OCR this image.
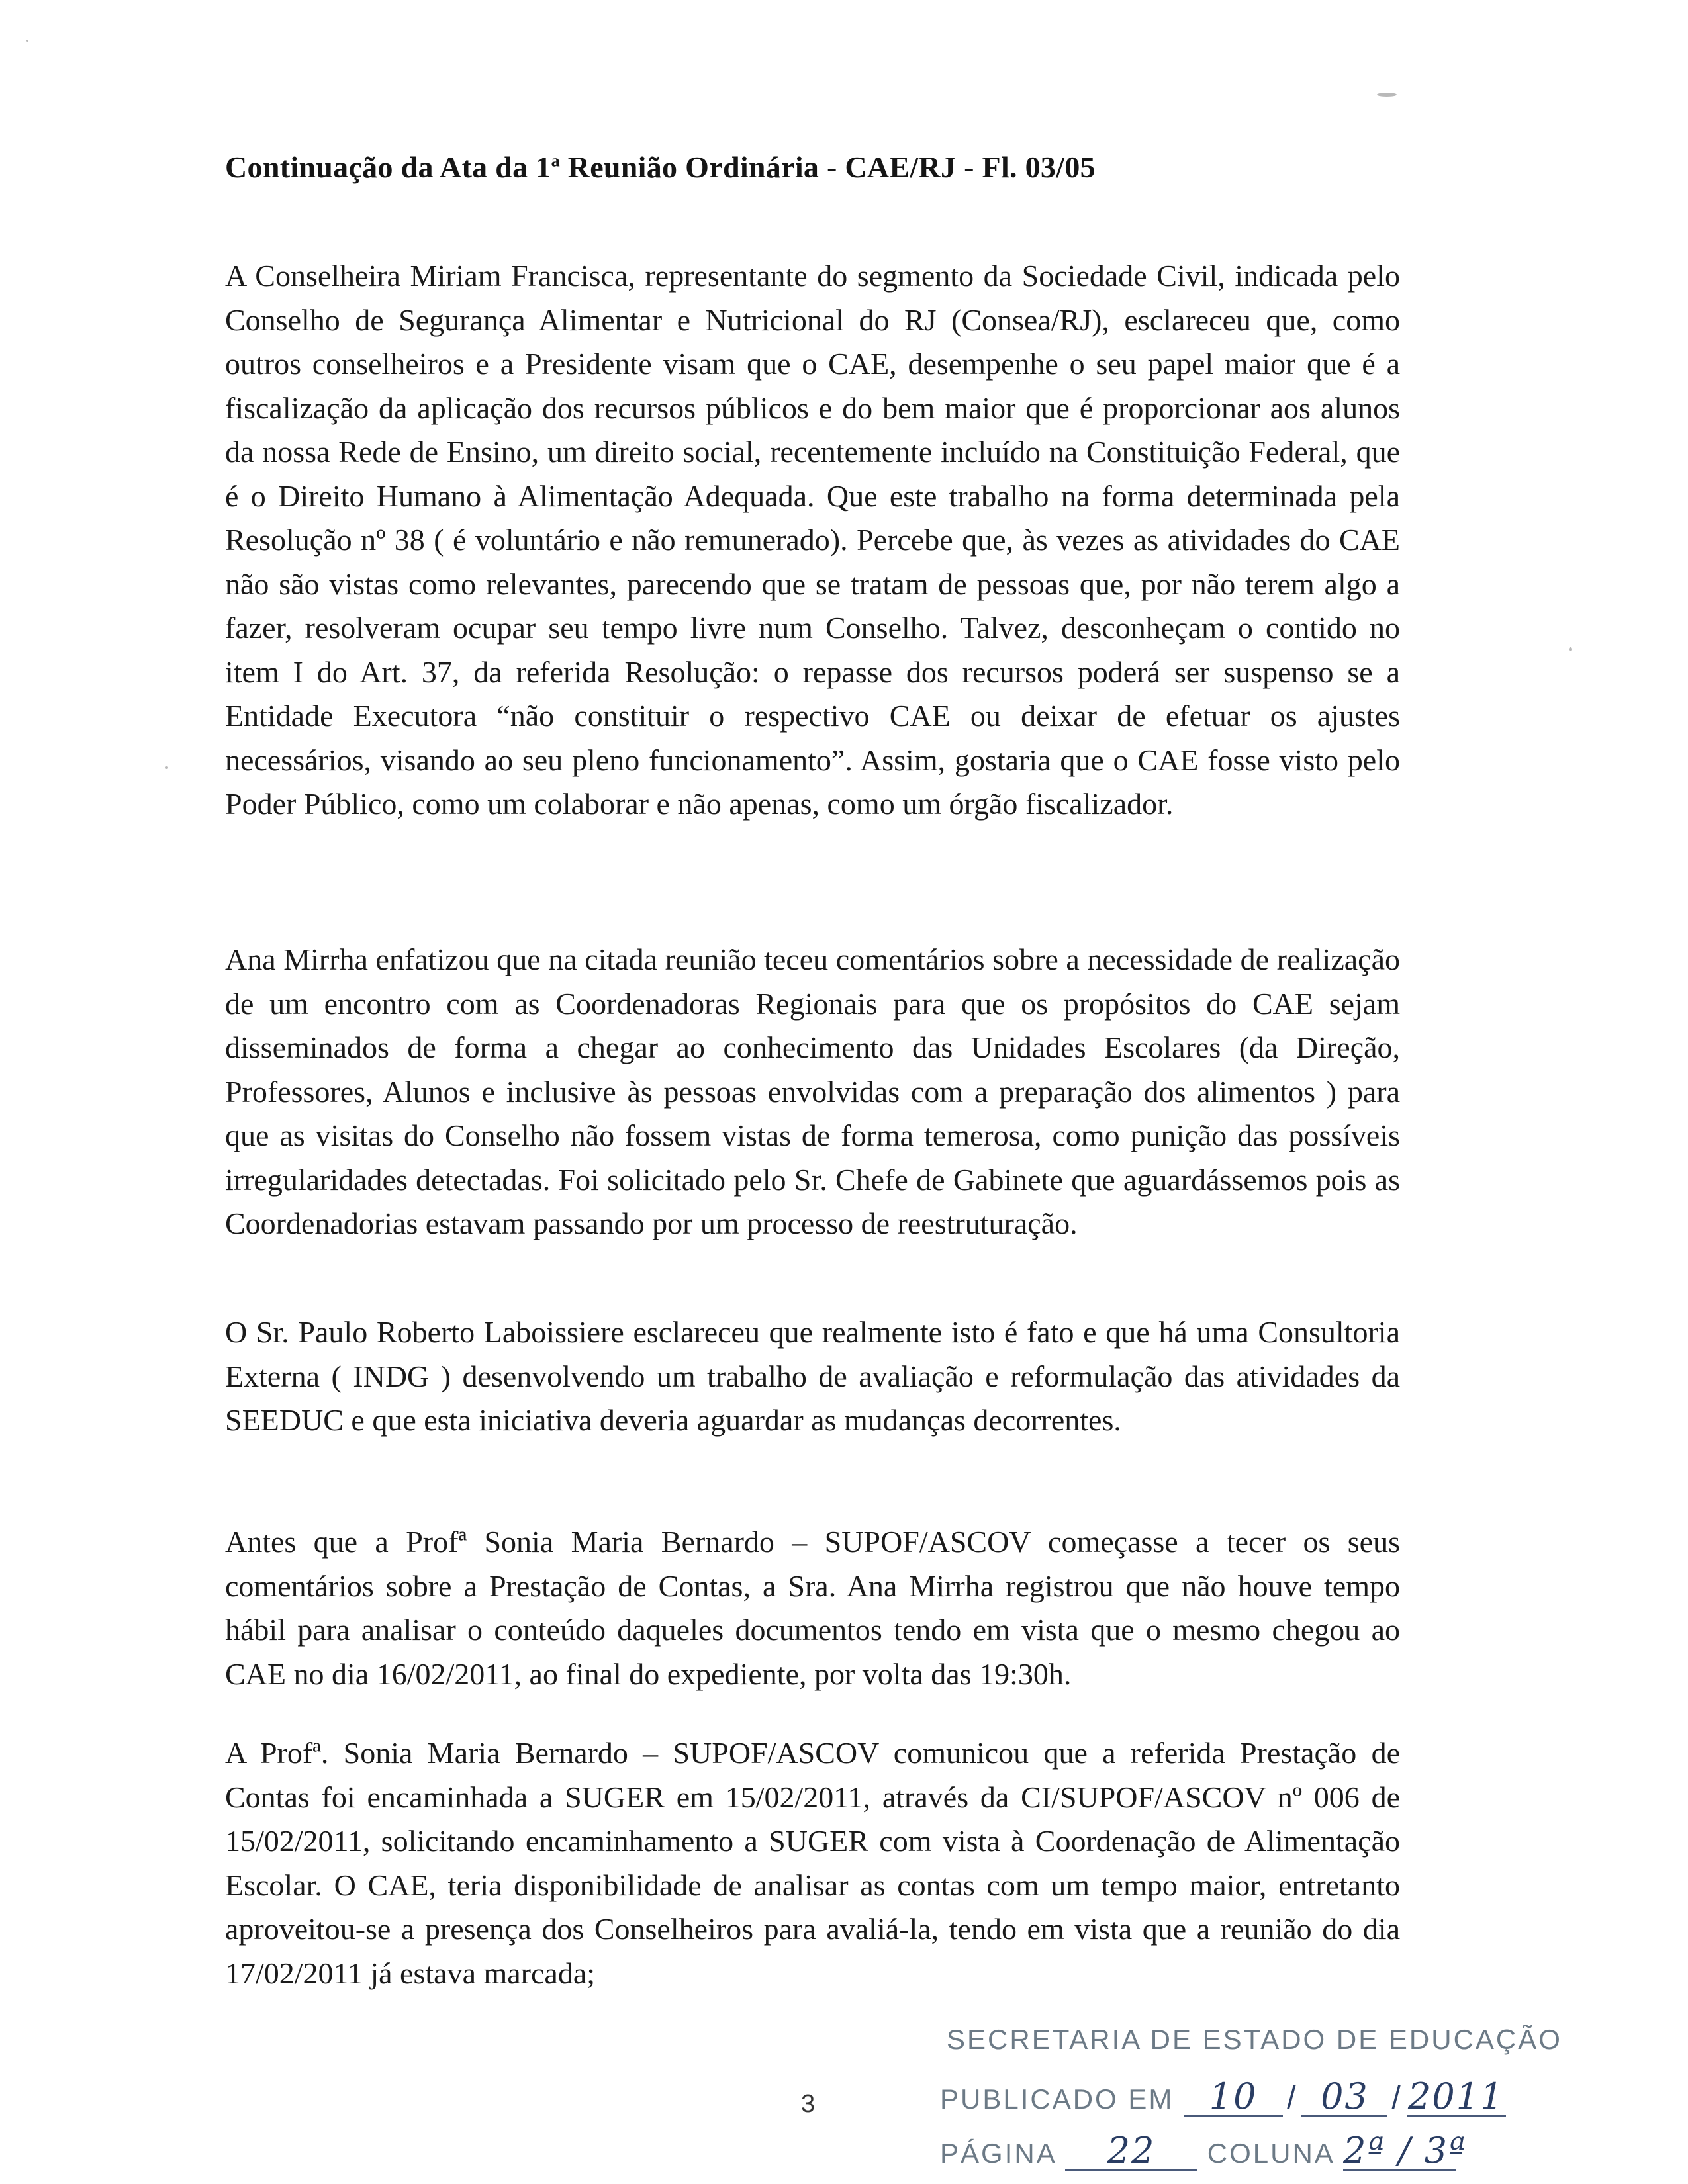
Continuação da Ata da 1$^a$ Reunião Ordinária - CAE/RJ - Fl. 03/05

A Conselheira Miriam Francisca, representante do segmento da Sociedade Civil, indicada pelo Conselho de Segurança Alimentar e Nutricional do RJ (Consea/RJ), esclareceu que, como outros conselheiros e a Presidente visam que o CAE, desempenhe o seu papel maior que é a fiscalização da aplicação dos recursos públicos e do bem maior que é proporcionar aos alunos da nossa Rede de Ensino, um direito social, recentemente incluído na Constituição Federal, que é o Direito Humano à Alimentação Adequada. Que este trabalho na forma determinada pela Resolução nº 38 ( é voluntário e não remunerado). Percebe que, às vezes as atividades do CAE não são vistas como relevantes, parecendo que se tratam de pessoas que, por não terem algo a fazer, resolveram ocupar seu tempo livre num Conselho. Talvez, desconheçam o contido no item I do Art. 37, da referida Resolução: o repasse dos recursos poderá ser suspenso se a Entidade Executora “não constituir o respectivo CAE ou deixar de efetuar os ajustes necessários, visando ao seu pleno funcionamento”. Assim, gostaria que o CAE fosse visto pelo Poder Público, como um colaborar e não apenas, como um órgão fiscalizador.

Ana Mirrha enfatizou que na citada reunião teceu comentários sobre a necessidade de realização de um encontro com as Coordenadoras Regionais para que os propósitos do CAE sejam disseminados de forma a chegar ao conhecimento das Unidades Escolares (da Direção, Professores, Alunos e inclusive às pessoas envolvidas com a preparação dos alimentos ) para que as visitas do Conselho não fossem vistas de forma temerosa, como punição das possíveis irregularidades detectadas. Foi solicitado pelo Sr. Chefe de Gabinete que aguardássemos pois as Coordenadorias estavam passando por um processo de reestruturação.

O Sr. Paulo Roberto Laboissiere esclareceu que realmente isto é fato e que há uma Consultoria Externa ( INDG ) desenvolvendo um trabalho de avaliação e reformulação das atividades da SEEDUC e que esta iniciativa deveria aguardar as mudanças decorrentes.

Antes que a Profª Sonia Maria Bernardo – SUPOF/ASCOV começasse a tecer os seus comentários sobre a Prestação de Contas, a Sra. Ana Mirrha registrou que não houve tempo hábil para analisar o conteúdo daqueles documentos tendo em vista que o mesmo chegou ao CAE no dia 16/02/2011, ao final do expediente, por volta das 19:30h.

A Profª. Sonia Maria Bernardo – SUPOF/ASCOV comunicou que a referida Prestação de Contas foi encaminhada a SUGER em 15/02/2011, através da CI/SUPOF/ASCOV nº 006 de 15/02/2011, solicitando encaminhamento a SUGER com vista à Coordenação de Alimentação Escolar. O CAE, teria disponibilidade de analisar as contas com um tempo maior, entretanto aproveitou-se a presença dos Conselheiros para avaliá-la, tendo em vista que a reunião do dia 17/02/2011 já estava marcada;

3
SECRETARIA DE ESTADO DE EDUCAÇÃO
PUBLICADO EM 10 / 03 / 2011
PÁGINA 22 COLUNA 2ª / 3ª
